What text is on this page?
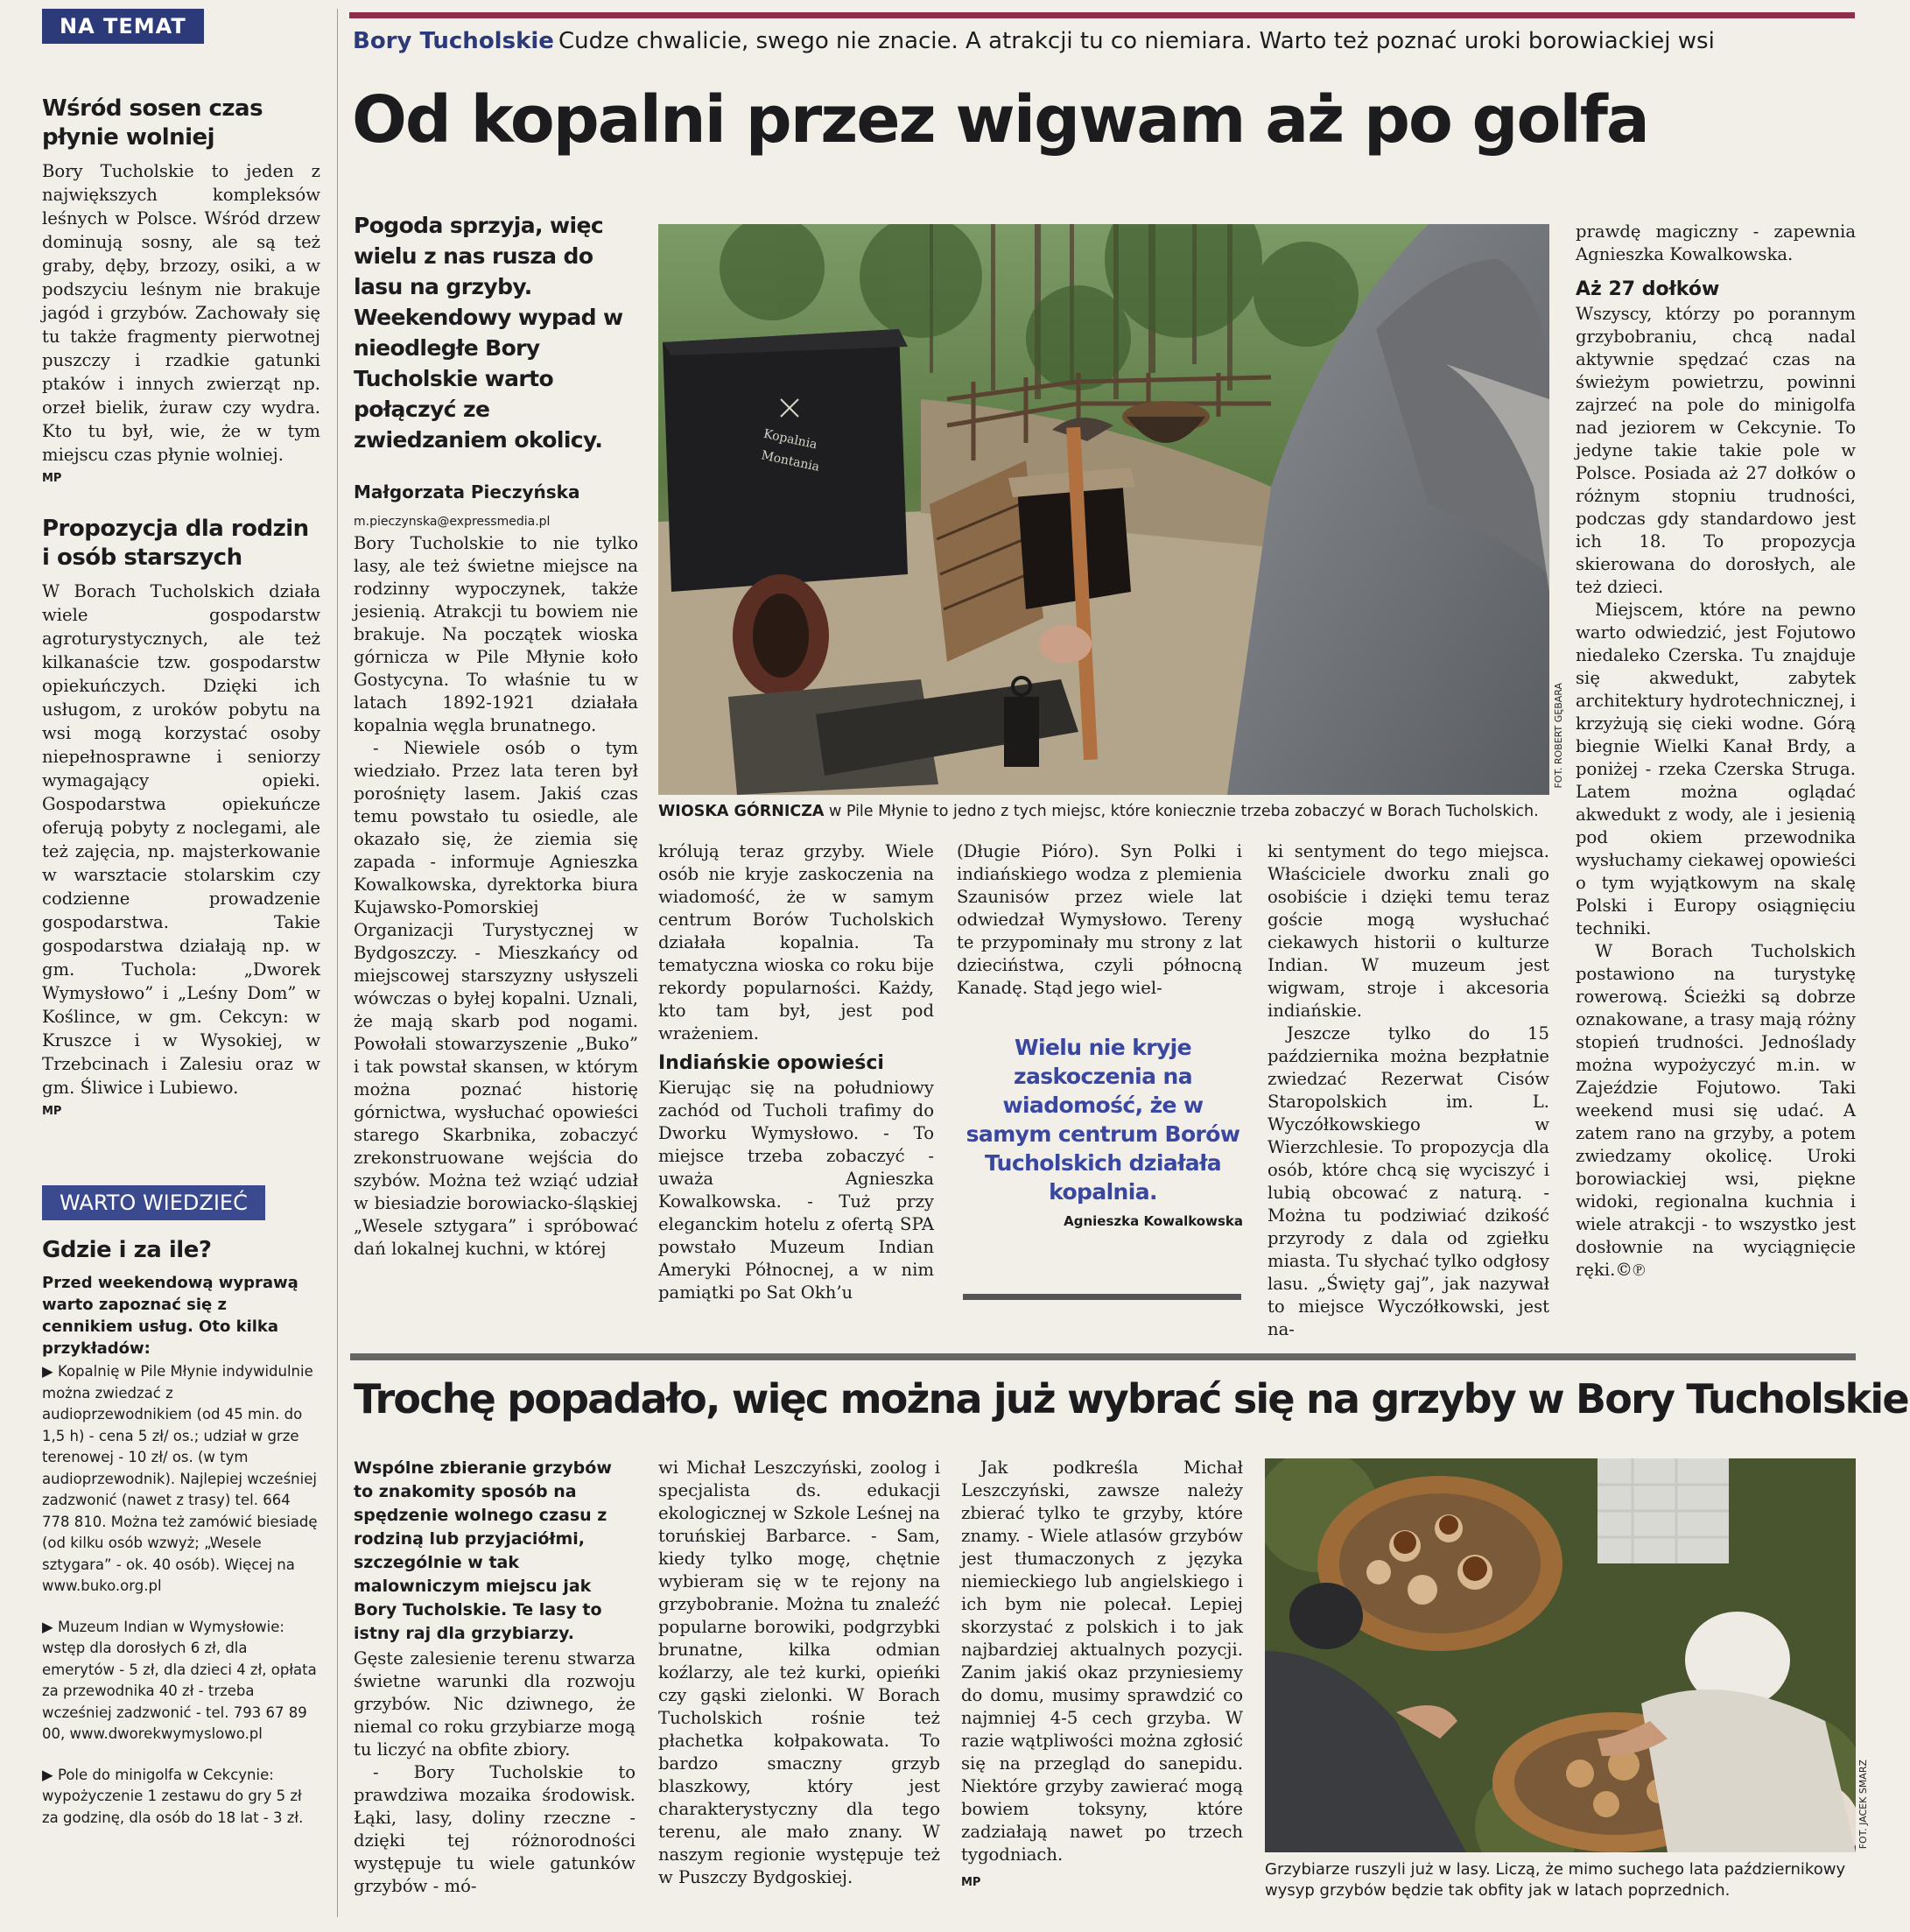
NA TEMAT
Wśród sosen czas płynie wolniej

Bory Tucholskie to jeden z największych kompleksów leśnych w Polsce. Wśród drzew dominują sosny, ale są też graby, dęby, brzozy, osiki, a w podszyciu leśnym nie brakuje jagód i grzybów. Zachowały się tu także fragmenty pierwotnej puszczy i rzadkie gatunki ptaków i innych zwierząt np. orzeł bielik, żuraw czy wydra. Kto tu był, wie, że w tym miejscu czas płynie wolniej.

MP
Propozycja dla rodzin i osób starszych

W Borach Tucholskich działa wiele gospodarstw agroturystycznych, ale też kilkanaście tzw. gospodarstw opiekuńczych. Dzięki ich usługom, z uroków pobytu na wsi mogą korzystać osoby niepełnosprawne i seniorzy wymagający opieki. Gospodarstwa opiekuńcze oferują pobyty z noclegami, ale też zajęcia, np. majsterkowanie w warsztacie stolarskim czy codzienne prowadzenie gospodarstwa. Takie gospodarstwa działają np. w gm. Tuchola: „Dworek Wymysłowo” i „Leśny Dom” w Koślince, w gm. Cekcyn: w Kruszce i w Wysokiej, w Trzebcinach i Zalesiu oraz w gm. Śliwice i Lubiewo.

MP
WARTO WIEDZIEĆ
Gdzie i za ile?

Przed weekendową wyprawą warto zapoznać się z cennikiem usług. Oto kilka przykładów:

▶ Kopalnię w Pile Młynie indywidulnie można zwiedzać z audioprzewodnikiem (od 45 min. do 1,5 h) - cena 5 zł/ os.; udział w grze terenowej - 10 zł/ os. (w tym audioprzewodnik). Najlepiej wcześniej zadzwonić (nawet z trasy) tel. 664 778 810. Można też zamówić biesiadę (od kilku osób wzwyż; „Wesele sztygara” - ok. 40 osób). Więcej na www.buko.org.pl
▶ Muzeum Indian w Wymysłowie: wstęp dla dorosłych 6 zł, dla emerytów - 5 zł, dla dzieci 4 zł, opłata za przewodnika 40 zł - trzeba wcześniej zadzwonić - tel. 793 67 89 00, www.dworekwymyslowo.pl
▶ Pole do minigolfa w Cekcynie: wypożyczenie 1 zestawu do gry 5 zł za godzinę, dla osób do 18 lat - 3 zł.
Bory Tucholskie Cudze chwalicie, swego nie znacie. A atrakcji tu co niemiara. Warto też poznać uroki borowiackiej wsi
Od kopalni przez wigwam aż po golfa
Pogoda sprzyja, więc wielu z nas rusza do lasu na grzyby. Weekendowy wypad w nieodległe Bory Tucholskie warto połączyć ze zwiedzaniem okolicy.
Małgorzata Pieczyńska
m.pieczynska@expressmedia.pl

Bory Tucholskie to nie tylko lasy, ale też świetne miejsce na rodzinny wypoczynek, także jesienią. Atrakcji tu bowiem nie brakuje. Na początek wioska górnicza w Pile Młynie koło Gostycyna. To właśnie tu w latach 1892-1921 działała kopalnia węgla brunatnego.

- Niewiele osób o tym wiedziało. Przez lata teren był porośnięty lasem. Jakiś czas temu powstało tu osiedle, ale okazało się, że ziemia się zapada - informuje Agnieszka Kowalkowska, dyrektorka biura Kujawsko-Pomorskiej Organizacji Turystycznej w Bydgoszczy. - Mieszkańcy od miejscowej starszyzny usłyszeli wówczas o byłej kopalni. Uznali, że mają skarb pod nogami. Powołali stowarzyszenie „Buko” i tak powstał skansen, w którym można poznać historię górnictwa, wysłuchać opowieści starego Skarbnika, zobaczyć zrekonstruowane wejścia do szybów. Można też wziąć udział w biesiadzie borowiacko-śląskiej „Wesele sztygara” i spróbować dań lokalnej kuchni, w której

Kopalnia
Montania
FOT. ROBERT GĘBARA
WIOSKA GÓRNICZA w Pile Młynie to jedno z tych miejsc, które koniecznie trzeba zobaczyć w Borach Tucholskich.

królują teraz grzyby. Wiele osób nie kryje zaskoczenia na wiadomość, że w samym centrum Borów Tucholskich działała kopalnia. Ta tematyczna wioska co roku bije rekordy popularności. Każdy, kto tam był, jest pod wrażeniem.

Indiańskie opowieści

Kierując się na południowy zachód od Tucholi trafimy do Dworku Wymysłowo. - To miejsce trzeba zobaczyć - uważa Agnieszka Kowalkowska. - Tuż przy eleganckim hotelu z ofertą SPA powstało Muzeum Indian Ameryki Północnej, a w nim pamiątki po Sat Okh’u

(Długie Pióro). Syn Polki i indiańskiego wodza z plemienia Szaunisów przez wiele lat odwiedzał Wymysłowo. Tereny te przypominały mu strony z lat dzieciństwa, czyli północną Kanadę. Stąd jego wiel-

Wielu nie kryje zaskoczenia na wiadomość, że w samym centrum Borów Tucholskich działała kopalnia.
Agnieszka Kowalkowska

ki sentyment do tego miejsca. Właściciele dworku znali go osobiście i dzięki temu teraz goście mogą wysłuchać ciekawych historii o kulturze Indian. W muzeum jest wigwam, stroje i akcesoria indiańskie.

Jeszcze tylko do 15 października można bezpłatnie zwiedzać Rezerwat Cisów Staropolskich im. L. Wyczółkowskiego w Wierzchlesie. To propozycja dla osób, które chcą się wyciszyć i lubią obcować z naturą. - Można tu podziwiać dzikość przyrody z dala od zgiełku miasta. Tu słychać tylko odgłosy lasu. „Święty gaj”, jak nazywał to miejsce Wyczółkowski, jest na-

prawdę magiczny - zapewnia Agnieszka Kowalkowska.

Aż 27 dołków

Wszyscy, którzy po porannym grzybobraniu, chcą nadal aktywnie spędzać czas na świeżym powietrzu, powinni zajrzeć na pole do minigolfa nad jeziorem w Cekcynie. To jedyne takie takie pole w Polsce. Posiada aż 27 dołków o różnym stopniu trudności, podczas gdy standardowo jest ich 18. To propozycja skierowana do dorosłych, ale też dzieci.

Miejscem, które na pewno warto odwiedzić, jest Fojutowo niedaleko Czerska. Tu znajduje się akwedukt, zabytek architektury hydrotechnicznej, i krzyżują się cieki wodne. Górą biegnie Wielki Kanał Brdy, a poniżej - rzeka Czerska Struga. Latem można oglądać akwedukt z wody, ale i jesienią pod okiem przewodnika wysłuchamy ciekawej opowieści o tym wyjątkowym na skalę Polski i Europy osiągnięciu techniki.

W Borach Tucholskich postawiono na turystykę rowerową. Ścieżki są dobrze oznakowane, a trasy mają różny stopień trudności. Jednoślady można wypożyczyć m.in. w Zajeździe Fojutowo. Taki weekend musi się udać. A zatem rano na grzyby, a potem zwiedzamy okolicę. Uroki borowiackiej wsi, piękne widoki, regionalna kuchnia i wiele atrakcji - to wszystko jest dosłownie na wyciągnięcie ręki.©℗

Trochę popadało, więc można już wybrać się na grzyby w Bory Tucholskie
Wspólne zbieranie grzybów to znakomity sposób na spędzenie wolnego czasu z rodziną lub przyjaciółmi, szczególnie w tak malowniczym miejscu jak Bory Tucholskie. Te lasy to istny raj dla grzybiarzy.

Gęste zalesienie terenu stwarza świetne warunki dla rozwoju grzybów. Nic dziwnego, że niemal co roku grzybiarze mogą tu liczyć na obfite zbiory.

- Bory Tucholskie to prawdziwa mozaika środowisk. Łąki, lasy, doliny rzeczne - dzięki tej różnorodności występuje tu wiele gatunków grzybów - mó-

wi Michał Leszczyński, zoolog i specjalista ds. edukacji ekologicznej w Szkole Leśnej na toruńskiej Barbarce. - Sam, kiedy tylko mogę, chętnie wybieram się w te rejony na grzybobranie. Można tu znaleźć popularne borowiki, podgrzybki brunatne, kilka odmian koźlarzy, ale też kurki, opieńki czy gąski zielonki. W Borach Tucholskich rośnie też płachetka kołpakowata. To bardzo smaczny grzyb blaszkowy, który jest charakterystyczny dla tego terenu, ale mało znany. W naszym regionie występuje też w Puszczy Bydgoskiej.

Jak podkreśla Michał Leszczyński, zawsze należy zbierać tylko te grzyby, które znamy. - Wiele atlasów grzybów jest tłumaczonych z języka niemieckiego lub angielskiego i ich bym nie polecał. Lepiej skorzystać z polskich i to jak najbardziej aktualnych pozycji. Zanim jakiś okaz przyniesiemy do domu, musimy sprawdzić co najmniej 4-5 cech grzyba. W razie wątpliwości można zgłosić się na przegląd do sanepidu. Niektóre grzyby zawierać mogą bowiem toksyny, które zadziałają nawet po trzech tygodniach.

MP
FOT. JACEK SMARZ
Grzybiarze ruszyli już w lasy. Liczą, że mimo suchego lata październikowy wysyp grzybów będzie tak obfity jak w latach poprzednich.
